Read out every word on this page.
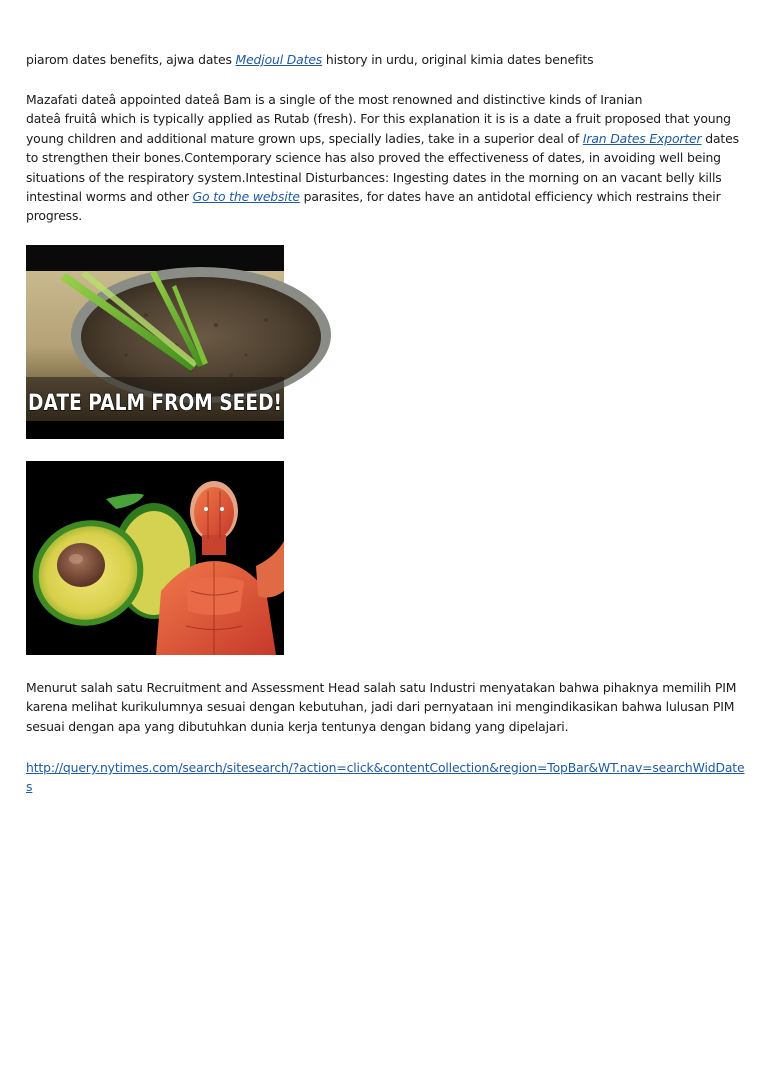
piarom dates benefits, ajwa dates Medjoul Dates history in urdu, original kimia dates benefits

Mazafati dateâ appointed dateâ Bam is a single of the most renowned and distinctive kinds of Iranian
dateâ fruitâ which is typically applied as Rutab (fresh). For this explanation it is is a date a fruit proposed that young young children and additional mature grown ups, specially ladies, take in a superior deal of Iran Dates Exporter dates to strengthen their bones.Contemporary science has also proved the effectiveness of dates, in avoiding well being situations of the respiratory system.Intestinal Disturbances: Ingesting dates in the morning on an vacant belly kills intestinal worms and other Go to the website parasites, for dates have an antidotal efficiency which restrains their progress.

DATE PALM FROM SEED!

Menurut salah satu Recruitment and Assessment Head salah satu Industri menyatakan bahwa pihaknya memilih PIM karena melihat kurikulumnya sesuai dengan kebutuhan, jadi dari pernyataan ini mengindikasikan bahwa lulusan PIM sesuai dengan apa yang dibutuhkan dunia kerja tentunya dengan bidang yang dipelajari.

http://query.nytimes.com/search/sitesearch/?action=click&contentCollection&region=TopBar&WT.nav=searchWidDates
